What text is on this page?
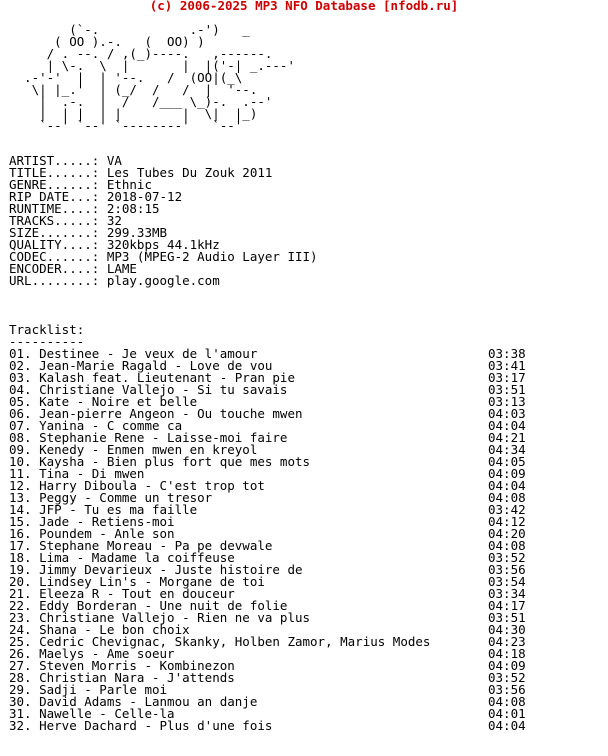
(c) 2006-2025 MP3 NFO Database [nfodb.ru]
(`-.            .-')   _
( OO ).-.   (  OO) )
/ . --. / ,(_)----.   ,------.
| \-.  \  |       |  |('-| _.---'
.-'-'  |  | '--.   /  (OO|(_\
\| |_.'  | (_/  /   /  |  '--.
|  .-.  |  /   /___ \_)-.  .--'
|  | |  | |        |  \|  |_)
`--' `--' `--------'   `--'
ARTIST.....: VA
TITLE......: Les Tubes Du Zouk 2011
GENRE......: Ethnic
RIP DATE...: 2018-07-12
RUNTIME....: 2:08:15
TRACKS.....: 32
SIZE.......: 299.33MB
QUALITY....: 320kbps 44.1kHz
CODEC......: MP3 (MPEG-2 Audio Layer III)
ENCODER....: LAME
URL........: play.google.com
Tracklist:
----------
01. Destinee - Je veux de l'amour	03:38
02. Jean-Marie Ragald - Love de vou	03:41
03. Kalash feat. Lieutenant - Pran pie	03:17
04. Christiane Vallejo - Si tu savais	03:51
05. Kate - Noire et belle	03:13
06. Jean-pierre Angeon - Ou touche mwen	04:03
07. Yanina - C comme ca	04:04
08. Stephanie Rene - Laisse-moi faire	04:21
09. Kenedy - Enmen mwen en kreyol	04:34
10. Kaysha - Bien plus fort que mes mots	04:05
11. Tina - Di mwen	04:09
12. Harry Diboula - C'est trop tot	04:04
13. Peggy - Comme un tresor	04:08
14. JFP - Tu es ma faille	03:42
15. Jade - Retiens-moi	04:12
16. Poundem - Anle son	04:20
17. Stephane Moreau - Pa pe devwale	04:08
18. Lima - Madame la coiffeuse	03:52
19. Jimmy Devarieux - Juste histoire de	03:56
20. Lindsey Lin's - Morgane de toi	03:54
21. Eleeza R - Tout en douceur	03:34
22. Eddy Borderan - Une nuit de folie	04:17
23. Christiane Vallejo - Rien ne va plus	03:51
24. Shana - Le bon choix	04:30
25. Cedric Chevignac, Skanky, Holben Zamor, Marius Modes	04:23
26. Maelys - Ame soeur	04:18
27. Steven Morris - Kombinezon	04:09
28. Christian Nara - J'attends	03:52
29. Sadji - Parle moi	03:56
30. David Adams - Lanmou an danje	04:08
31. Nawelle - Celle-la	04:01
32. Herve Dachard - Plus d'une fois	04:04
